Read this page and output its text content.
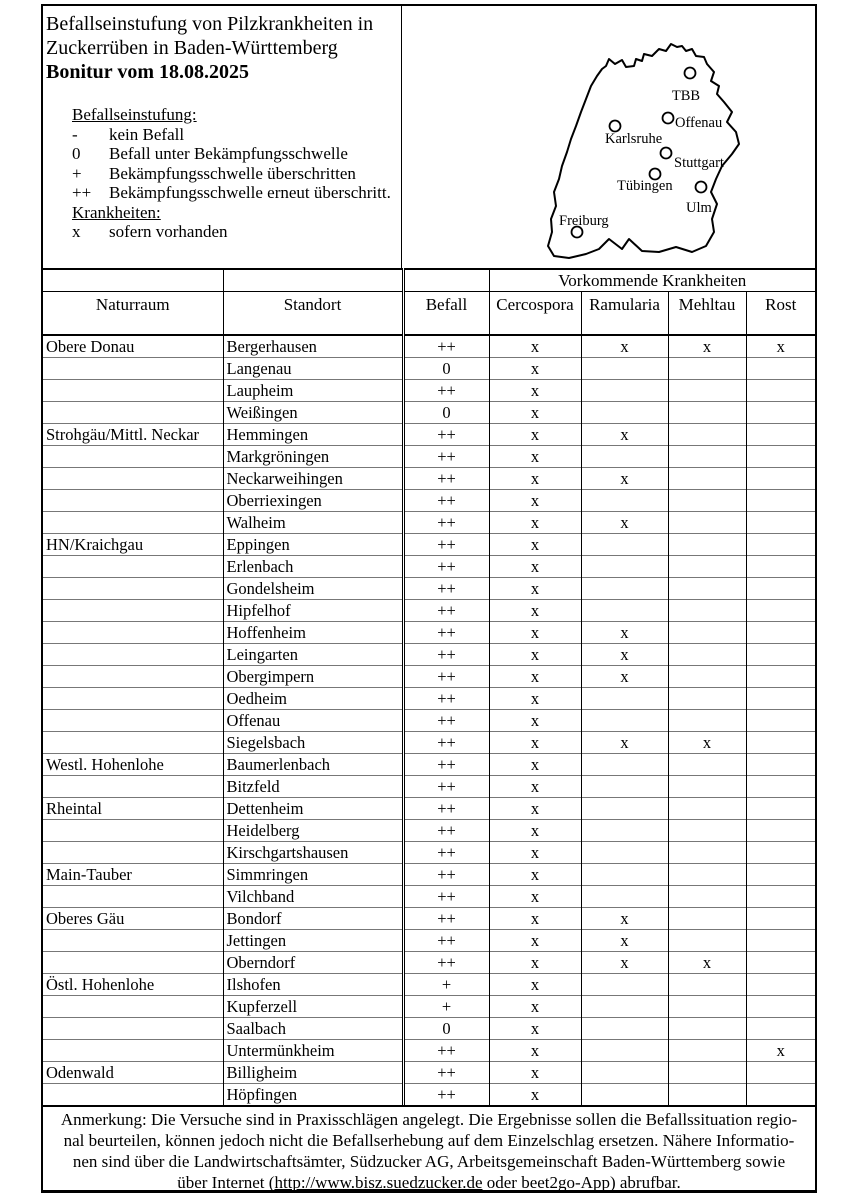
Befallseinstufung von Pilzkrankheiten in
Zuckerrüben in Baden-Württemberg
Bonitur vom 18.08.2025
Befallseinstufung:
-	kein Befall
0	Befall unter Bekämpfungsschwelle
+	Bekämpfungsschwelle überschritten
++	Bekämpfungsschwelle erneut überschritt.
Krankheiten:
x	sofern vorhanden
TBB
Offenau
Karlsruhe
Stuttgart
Tübingen
Ulm
Freiburg
			Vorkommende Krankheiten			
Naturraum	Standort	Befall	Cercospora	Ramularia	Mehltau	Rost
Obere Donau	Bergerhausen	++	x	x	x	x
	Langenau	0	x			
	Laupheim	++	x			
	Weißingen	0	x			
Strohgäu/Mittl. Neckar	Hemmingen	++	x	x		
	Markgröningen	++	x			
	Neckarweihingen	++	x	x		
	Oberriexingen	++	x			
	Walheim	++	x	x		
HN/Kraichgau	Eppingen	++	x			
	Erlenbach	++	x			
	Gondelsheim	++	x			
	Hipfelhof	++	x			
	Hoffenheim	++	x	x		
	Leingarten	++	x	x		
	Obergimpern	++	x	x		
	Oedheim	++	x			
	Offenau	++	x			
	Siegelsbach	++	x	x	x	
Westl. Hohenlohe	Baumerlenbach	++	x			
	Bitzfeld	++	x			
Rheintal	Dettenheim	++	x			
	Heidelberg	++	x			
	Kirschgartshausen	++	x			
Main-Tauber	Simmringen	++	x			
	Vilchband	++	x			
Oberes Gäu	Bondorf	++	x	x		
	Jettingen	++	x	x		
	Oberndorf	++	x	x	x	
Östl. Hohenlohe	Ilshofen	+	x			
	Kupferzell	+	x			
	Saalbach	0	x			
	Untermünkheim	++	x			x
Odenwald	Billigheim	++	x			
	Höpfingen	++	x			
Anmerkung: Die Versuche sind in Praxisschlägen angelegt. Die Ergebnisse sollen die Befallssituation regio-
nal beurteilen, können jedoch nicht die Befallserhebung auf dem Einzelschlag ersetzen. Nähere Informatio-
nen sind über die Landwirtschaftsämter, Südzucker AG, Arbeitsgemeinschaft Baden-Württemberg sowie
über Internet (http://www.bisz.suedzucker.de oder beet2go-App) abrufbar.
